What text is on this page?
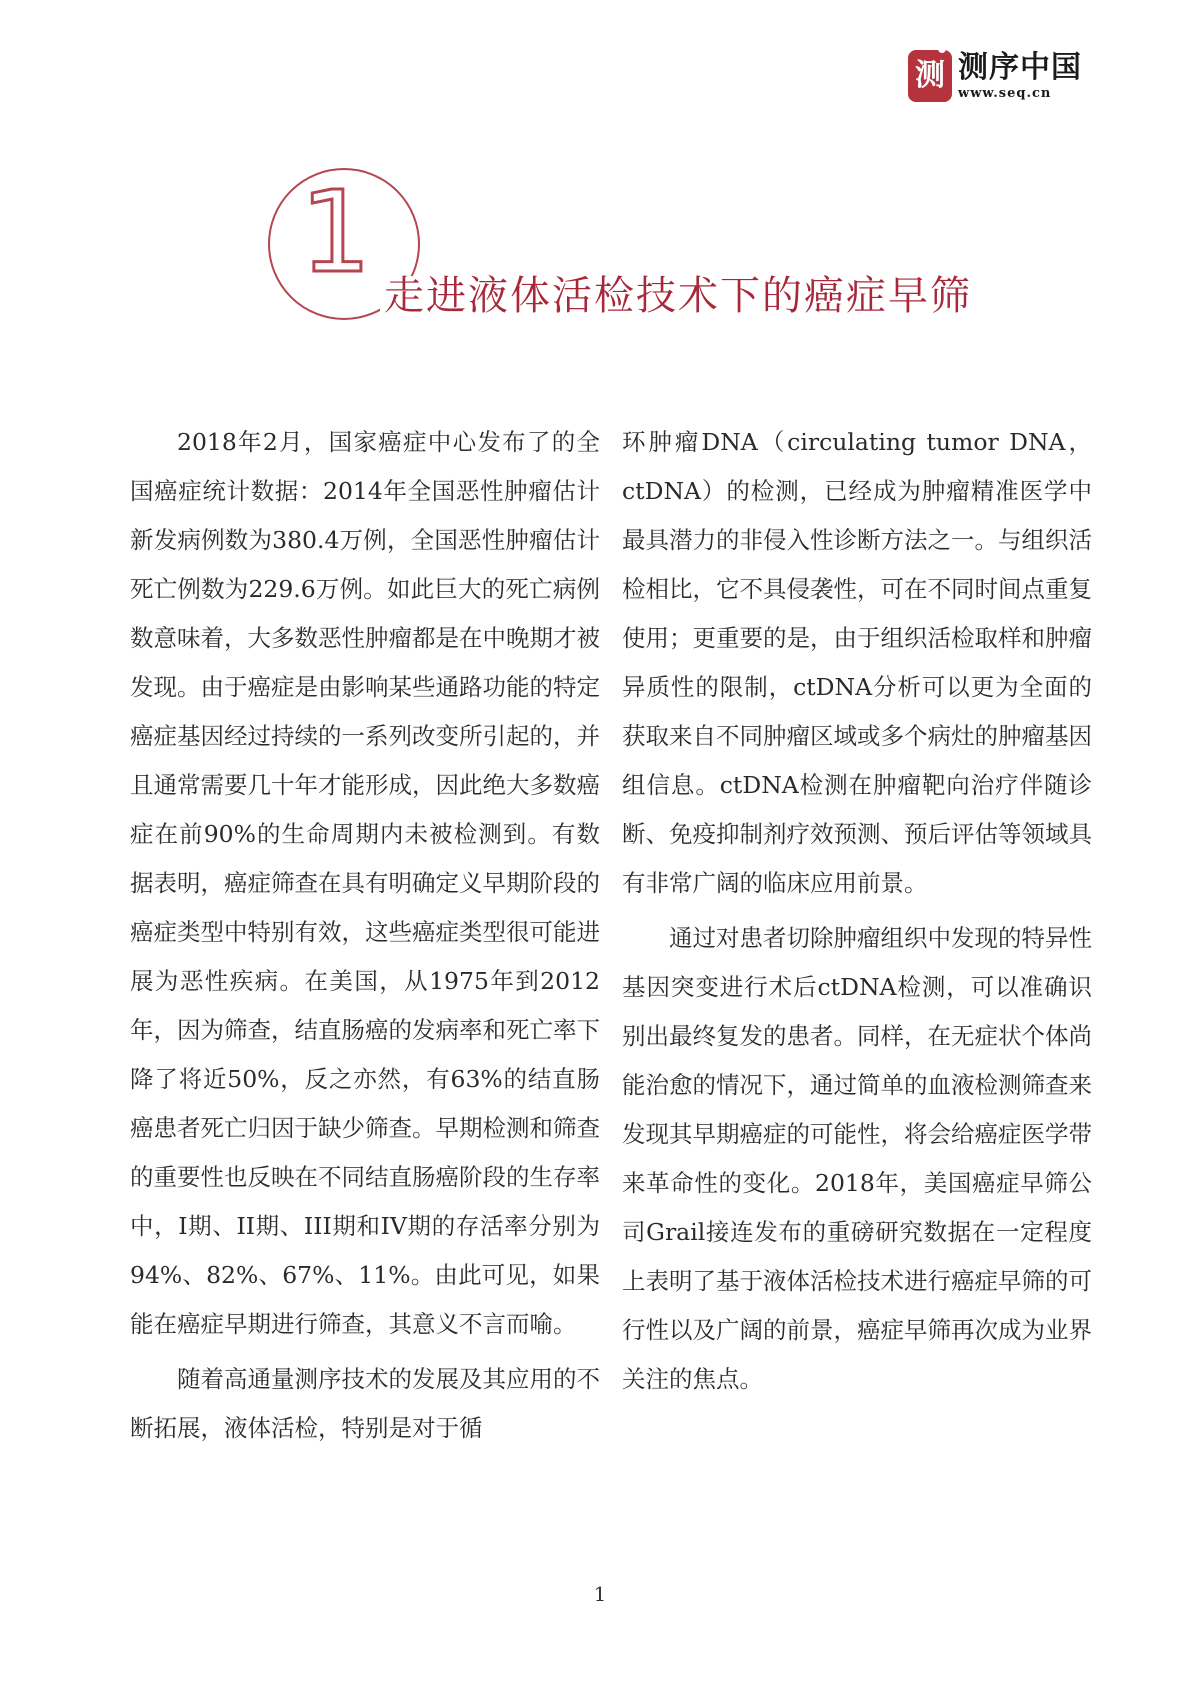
测 测序中国
www.seq.cn
1 走进液体活检技术下的癌症早筛

2018年2月，国家癌症中心发布了的全国癌症统计数据：2014年全国恶性肿瘤估计新发病例数为380.4万例，全国恶性肿瘤估计死亡例数为229.6万例。如此巨大的死亡病例数意味着，大多数恶性肿瘤都是在中晚期才被发现。由于癌症是由影响某些通路功能的特定癌症基因经过持续的一系列改变所引起的，并且通常需要几十年才能形成，因此绝大多数癌症在前90%的生命周期内未被检测到。有数据表明，癌症筛查在具有明确定义早期阶段的癌症类型中特别有效，这些癌症类型很可能进展为恶性疾病。在美国，从1975年到2012年，因为筛查，结直肠癌的发病率和死亡率下降了将近50%，反之亦然，有63%的结直肠癌患者死亡归因于缺少筛查。早期检测和筛查的重要性也反映在不同结直肠癌阶段的生存率中，I期、II期、III期和IV期的存活率分别为94%、82%、67%、11%。由此可见，如果能在癌症早期进行筛查，其意义不言而喻。

随着高通量测序技术的发展及其应用的不断拓展，液体活检，特别是对于循

环肿瘤DNA（circulating tumor DNA，ctDNA）的检测，已经成为肿瘤精准医学中最具潜力的非侵入性诊断方法之一。与组织活检相比，它不具侵袭性，可在不同时间点重复使用；更重要的是，由于组织活检取样和肿瘤异质性的限制，ctDNA分析可以更为全面的获取来自不同肿瘤区域或多个病灶的肿瘤基因组信息。ctDNA检测在肿瘤靶向治疗伴随诊断、免疫抑制剂疗效预测、预后评估等领域具有非常广阔的临床应用前景。

通过对患者切除肿瘤组织中发现的特异性基因突变进行术后ctDNA检测，可以准确识别出最终复发的患者。同样，在无症状个体尚能治愈的情况下，通过简单的血液检测筛查来发现其早期癌症的可能性，将会给癌症医学带来革命性的变化。2018年，美国癌症早筛公司Grail接连发布的重磅研究数据在一定程度上表明了基于液体活检技术进行癌症早筛的可行性以及广阔的前景，癌症早筛再次成为业界关注的焦点。

1
